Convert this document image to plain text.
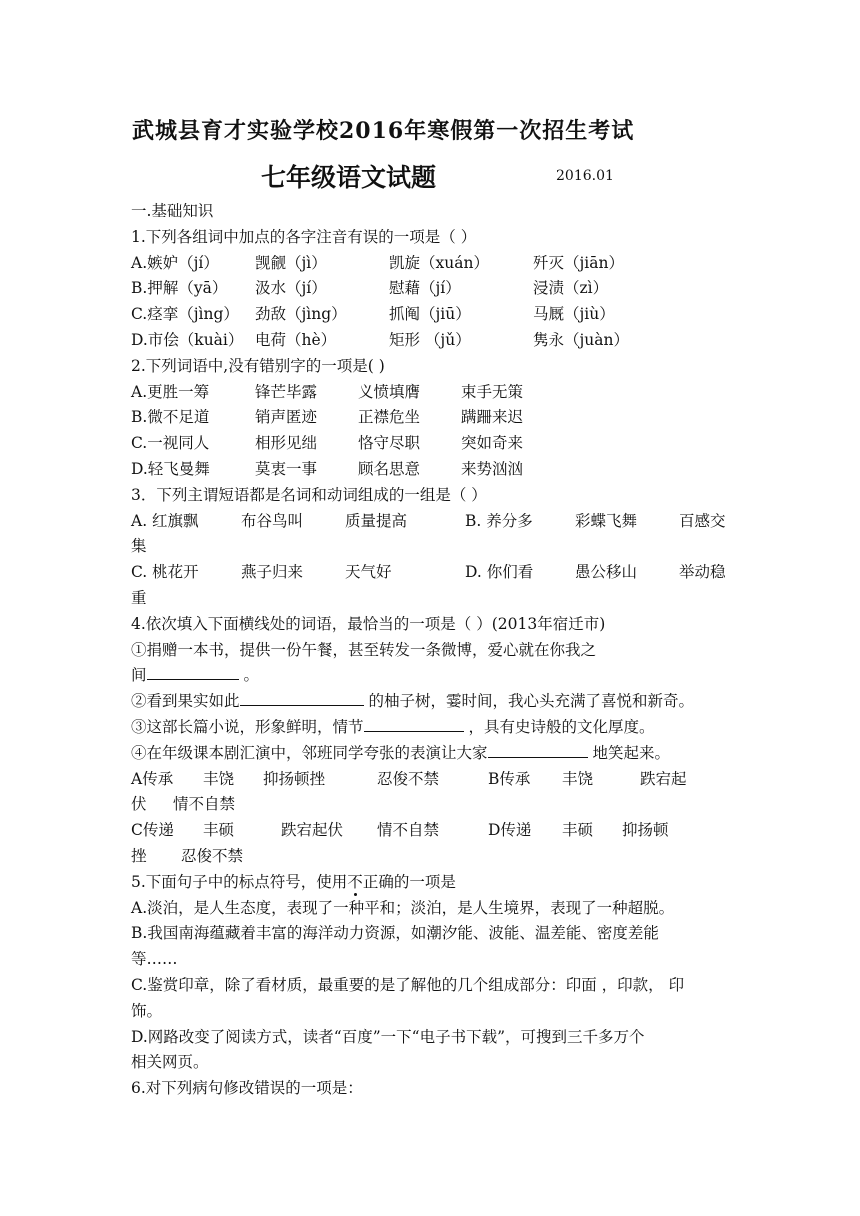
武城县育才实验学校2016年寒假第一次招生考试
七年级语文试题	2016.01
一.基础知识
1.下列各组词中加点的各字注音有误的一项是（ ）
A.嫉妒（jí） 觊觎（jì）	凯旋（xuán）	歼灭（jiān）
B.押解（yā） 汲水（jí）	慰藉（jí）	浸渍（zì）
C.痉挛（jìng） 劲敌（jìng）	抓阄（jiū）	马厩（jiù）
D.市侩（kuài） 电荷（hè）	矩形 （jǔ）	隽永（juàn）
2.下列词语中,没有错别字的一项是( )
A.更胜一筹	锋芒毕露	义愤填膺	束手无策
B.微不足道	销声匿迹	正襟危坐	蹒跚来迟
C.一视同人	相形见绌	恪守尽职	突如奇来
D.轻飞曼舞	莫衷一事	顾名思意	来势汹汹
3．下列主谓短语都是名词和动词组成的一组是（ ）
A. 红旗飘	布谷鸟叫	质量提高	B. 养分多	彩蝶飞舞	百感交
集
C. 桃花开	燕子归来	天气好	D. 你们看	愚公移山	举动稳
重
4.依次填入下面横线处的词语，最恰当的一项是（ ）(2013年宿迁市)
①捐赠一本书，提供一份午餐，甚至转发一条微博，爱心就在你我之
间	。
②看到果实如此	的柚子树，霎时间，我心头充满了喜悦和新奇。
③这部长篇小说，形象鲜明，情节	，具有史诗般的文化厚度。
④在年级课本剧汇演中，邻班同学夸张的表演让大家	地笑起来。
A传承 丰饶 抑扬顿挫	忍俊不禁	B传承 丰饶	跌宕起
伏 情不自禁
C传递 丰硕	跌宕起伏 情不自禁	D传递 丰硕 抑扬顿
挫 忍俊不禁
5.下面句子中的标点符号，使用不正确的一项是
A.淡泊，是人生态度，表现了一种平和；淡泊，是人生境界，表现了一种超脱。
B.我国南海蕴藏着丰富的海洋动力资源，如潮汐能、波能、温差能、密度差能
等……
C.鉴赏印章，除了看材质，最重要的是了解他的几个组成部分：印面 ，印款， 印
饰。
D.网路改变了阅读方式，读者“百度”一下“电子书下载”，可搜到三千多万个
相关网页。
6.对下列病句修改错误的一项是：
